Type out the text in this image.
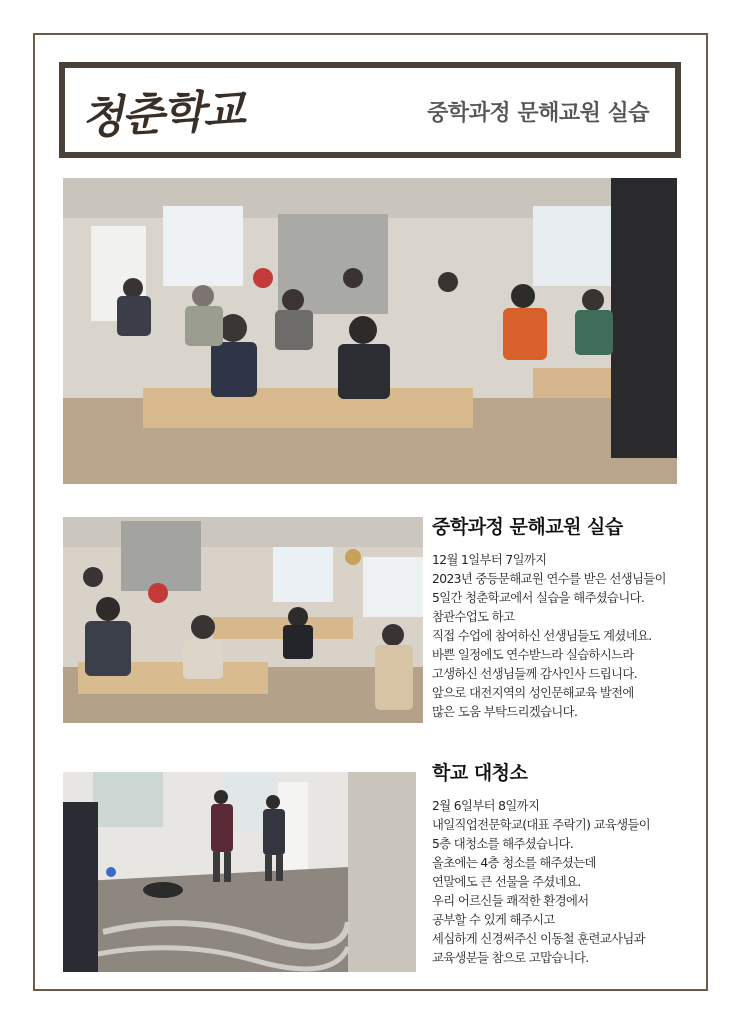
청춘학교	중학과정 문해교원 실습
중학과정 문해교원 실습

12월 1일부터 7일까지

2023년 중등문해교원 연수를 받은 선생님들이

5일간 청춘학교에서 실습을 해주셨습니다.

참관수업도 하고

직접 수업에 참여하신 선생님들도 계셨네요.

바쁜 일정에도 연수받느라 실습하시느라

고생하신 선생님들께 감사인사 드립니다.

앞으로 대전지역의 성인문해교육 발전에

많은 도움 부탁드리겠습니다.

학교 대청소

2월 6일부터 8일까지

내일직업전문학교(대표 주락기) 교육생들이

5층 대청소를 해주셨습니다.

올초에는 4층 청소를 해주셨는데

연말에도 큰 선물을 주셨네요.

우리 어르신들 쾌적한 환경에서

공부할 수 있게 해주시고

세심하게 신경써주신 이동철 훈련교사님과

교육생분들 참으로 고맙습니다.
